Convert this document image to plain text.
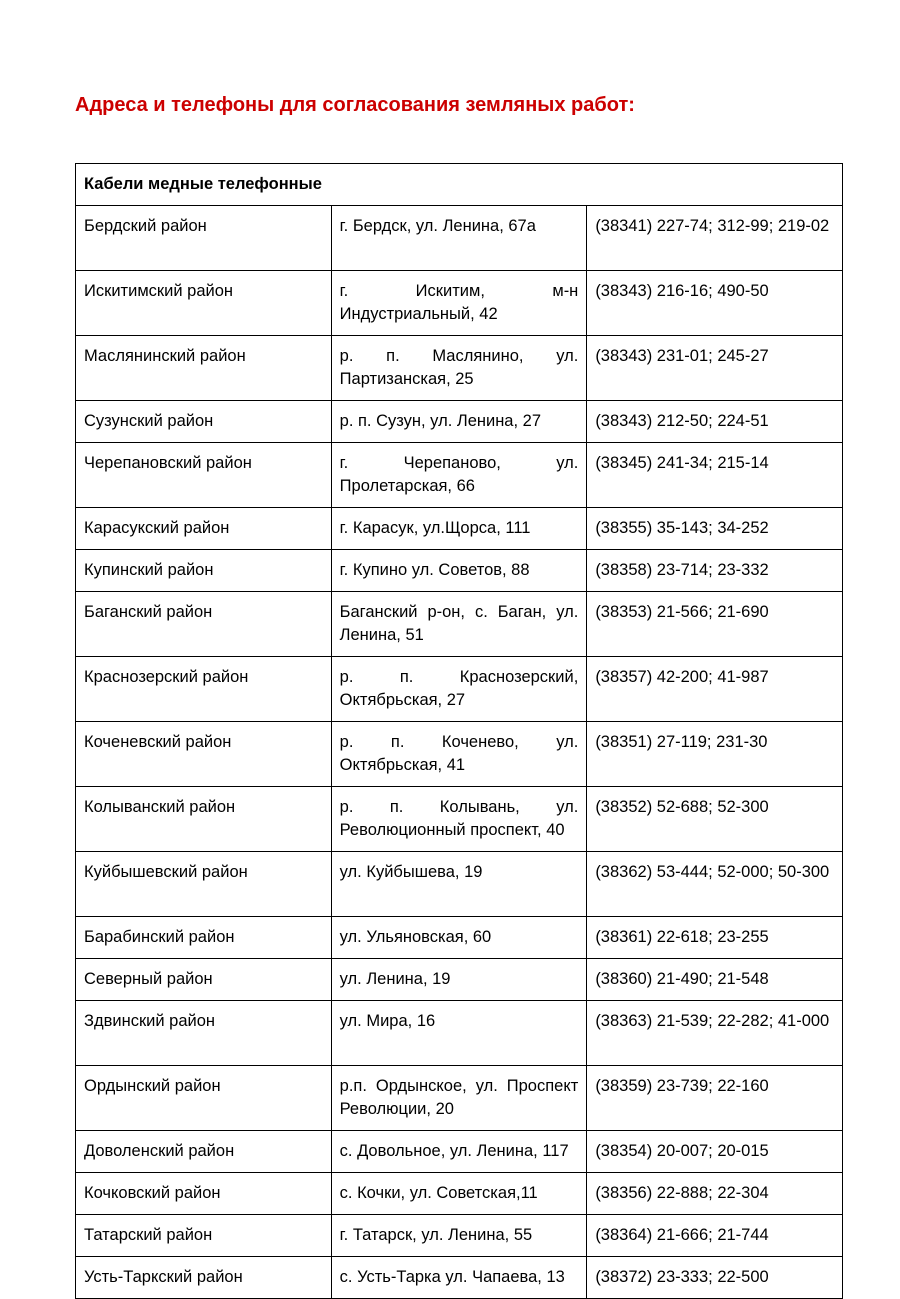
Адреса и телефоны для согласования земляных работ:
Кабели медные телефонные		
Бердский район	г. Бердск, ул. Ленина, 67а	(38341) 227-74; 312-99; 219-02
Искитимский район	г. Искитим, м-н Индустриальный, 42	(38343) 216-16; 490-50
Маслянинский район	р. п. Маслянино, ул. Партизанская, 25	(38343) 231-01; 245-27
Сузунский район	р. п. Сузун, ул. Ленина, 27	(38343) 212-50; 224-51
Черепановский район	г. Черепаново, ул. Пролетарская, 66	(38345) 241-34; 215-14
Карасукский район	г. Карасук, ул.Щорса, 111	(38355) 35-143; 34-252
Купинский район	г. Купино ул. Советов, 88	(38358) 23-714; 23-332
Баганский район	Баганский р-он, с. Баган, ул. Ленина, 51	(38353) 21-566; 21-690
Краснозерский район	р. п. Краснозерский, Октябрьская, 27	(38357) 42-200; 41-987
Коченевский район	р. п. Коченево, ул. Октябрьская, 41	(38351) 27-119; 231-30
Колыванский район	р. п. Колывань, ул. Революционный проспект, 40	(38352) 52-688; 52-300
Куйбышевский район	ул. Куйбышева, 19	(38362) 53-444; 52-000; 50-300
Барабинский район	ул. Ульяновская, 60	(38361) 22-618; 23-255
Северный район	ул. Ленина, 19	(38360) 21-490; 21-548
Здвинский район	ул. Мира, 16	(38363) 21-539; 22-282; 41-000
Ордынский район	р.п. Ордынское, ул. Проспект Революции, 20	(38359) 23-739; 22-160
Доволенский район	с. Довольное, ул. Ленина, 117	(38354) 20-007; 20-015
Кочковский район	с. Кочки, ул. Советская,11	(38356) 22-888; 22-304
Татарский район	г. Татарск, ул. Ленина, 55	(38364) 21-666; 21-744
Усть-Таркский район	с. Усть-Тарка ул. Чапаева, 13	(38372) 23-333; 22-500
